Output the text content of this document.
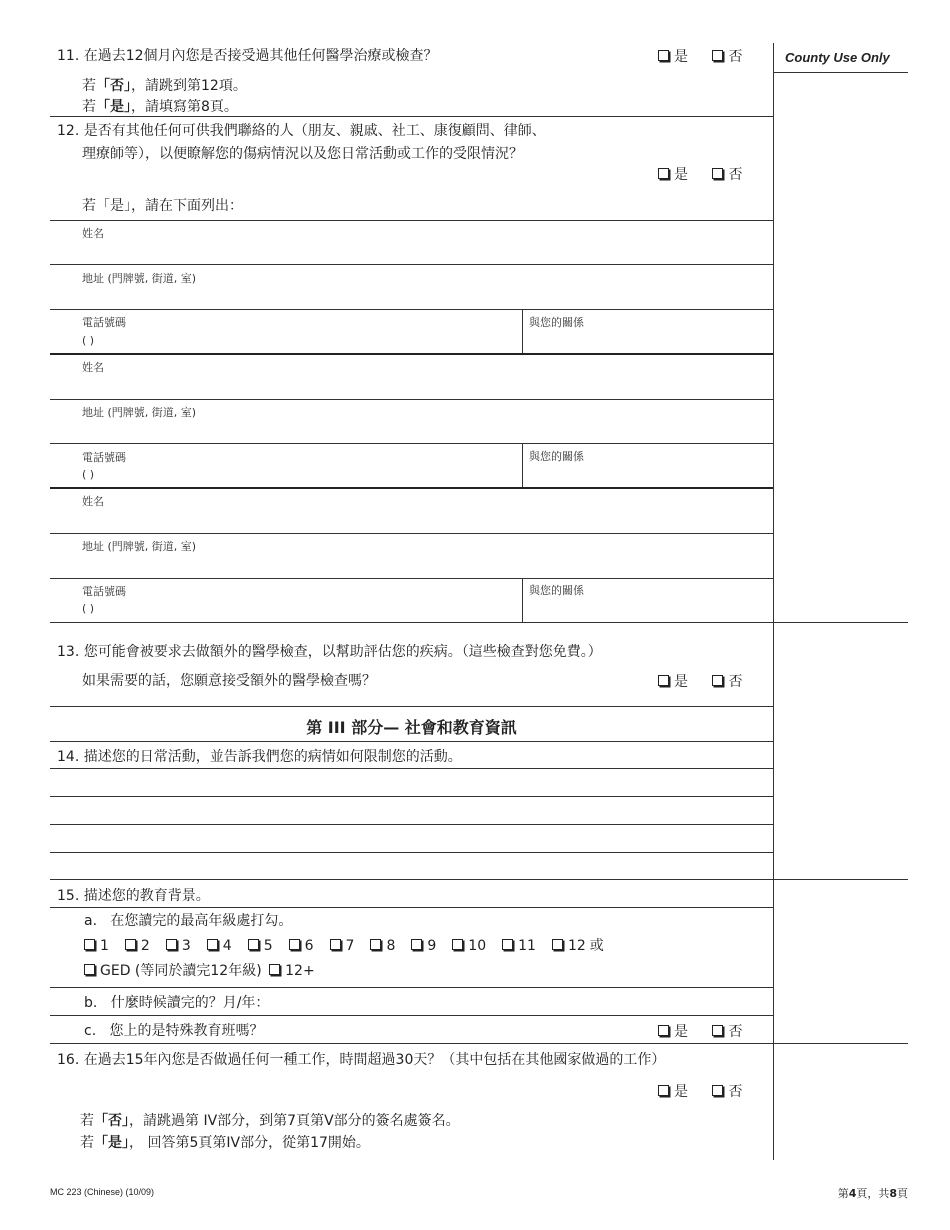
County Use Only
11. 在過去12個月內您是否接受過其他任何醫學治療或檢查？	是	否
若「否」，請跳到第12項。
若「是」，請填寫第8頁。
12. 是否有其他任何可供我們聯絡的人（朋友、親戚、社工、康復顧問、律師、
理療師等），以便瞭解您的傷病情況以及您日常活動或工作的受限情況？
是	否
若「是」，請在下面列出：
姓名
地址 (門牌號, 街道, 室)
電話號碼
( )
與您的關係
姓名
地址 (門牌號, 街道, 室)
電話號碼
( )
與您的關係
姓名
地址 (門牌號, 街道, 室)
電話號碼
( )
與您的關係
13. 您可能會被要求去做額外的醫學檢查，以幫助評估您的疾病。（這些檢查對您免費。）
如果需要的話，您願意接受額外的醫學檢查嗎？	是	否
第 III 部分— 社會和教育資訊
14. 描述您的日常活動，並告訴我們您的病情如何限制您的活動。
15. 描述您的教育背景。
a. 在您讀完的最高年級處打勾。
1 2 3 4 5 6 7 8 9 10 11 12 或
GED (等同於讀完12年級) 12+
b. 什麼時候讀完的？月/年：
c. 您上的是特殊教育班嗎？	是	否
16. 在過去15年內您是否做過任何一種工作，時間超過30天？（其中包括在其他國家做過的工作）
是	否
若「否」，請跳過第 IV部分，到第7頁第V部分的簽名處簽名。
若「是」， 回答第5頁第IV部分，從第17開始。
MC 223 (Chinese) (10/09)	第4頁，共8頁
